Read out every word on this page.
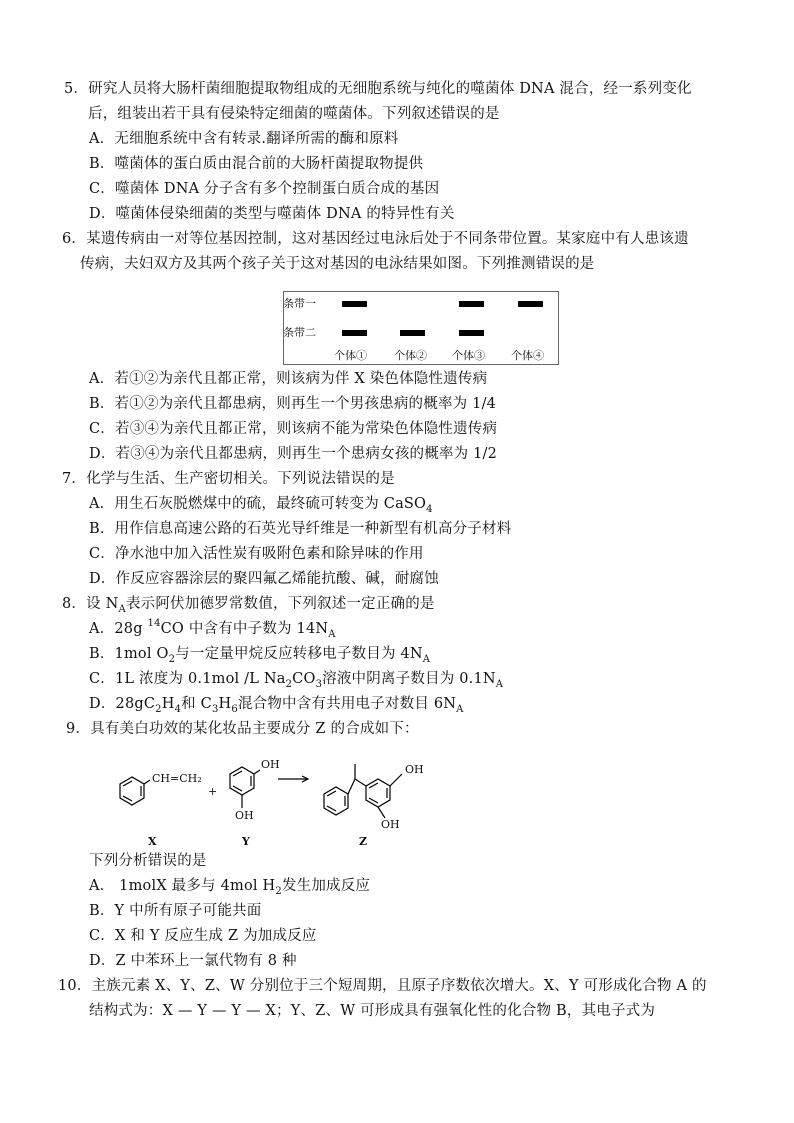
5．研究人员将大肠杆菌细胞提取物组成的无细胞系统与纯化的噬菌体 DNA 混合，经一系列变化
后，组装出若干具有侵染特定细菌的噬菌体。下列叙述错误的是
A．无细胞系统中含有转录.翻译所需的酶和原料
B．噬菌体的蛋白质由混合前的大肠杆菌提取物提供
C．噬菌体 DNA 分子含有多个控制蛋白质合成的基因
D．噬菌体侵染细菌的类型与噬菌体 DNA 的特异性有关
6．某遗传病由一对等位基因控制，这对基因经过电泳后处于不同条带位置。某家庭中有人患该遗
传病，夫妇双方及其两个孩子关于这对基因的电泳结果如图。下列推测错误的是
条带一
条带二
个体① 个体② 个体③ 个体④
A．若①②为亲代且都正常，则该病为伴 X 染色体隐性遗传病
B．若①②为亲代且都患病，则再生一个男孩患病的概率为 1/4
C．若③④为亲代且都正常，则该病不能为常染色体隐性遗传病
D．若③④为亲代且都患病，则再生一个患病女孩的概率为 1/2
7．化学与生活、生产密切相关。下列说法错误的是
A．用生石灰脱燃煤中的硫，最终硫可转变为 CaSO$_4$
B．用作信息高速公路的石英光导纤维是一种新型有机高分子材料
C．净水池中加入活性炭有吸附色素和除异味的作用
D．作反应容器涂层的聚四氟乙烯能抗酸、碱，耐腐蚀
8．设 $N_A$表示阿伏加德罗常数值，下列叙述一定正确的是
A．28g $^{14}$CO 中含有中子数为 $14N_A$
B．1mol $O_2$与一定量甲烷反应转移电子数目为 $4N_A$
C．1L 浓度为 0.1mol /L $Na_2CO_3$溶液中阴离子数目为 $0.1N_A$
D．$28gC_2H_4$和 $C_3H_6$混合物中含有共用电子对数目 $6N_A$
9．具有美白功效的某化妆品主要成分 Z 的合成如下：
CH=CH₂
+
OH
OH
OH
OH
X	Y	Z
下列分析错误的是
A． 1molX 最多与 4mol $H_2$发生加成反应
B．Y 中所有原子可能共面
C．X 和 Y 反应生成 Z 为加成反应
D．Z 中苯环上一氯代物有 8 种
10．主族元素 X、Y、Z、W 分别位于三个短周期，且原子序数依次增大。X、Y 可形成化合物 A 的
结构式为：X — Y — Y — X；Y、Z、W 可形成具有强氧化性的化合物 B，其电子式为
